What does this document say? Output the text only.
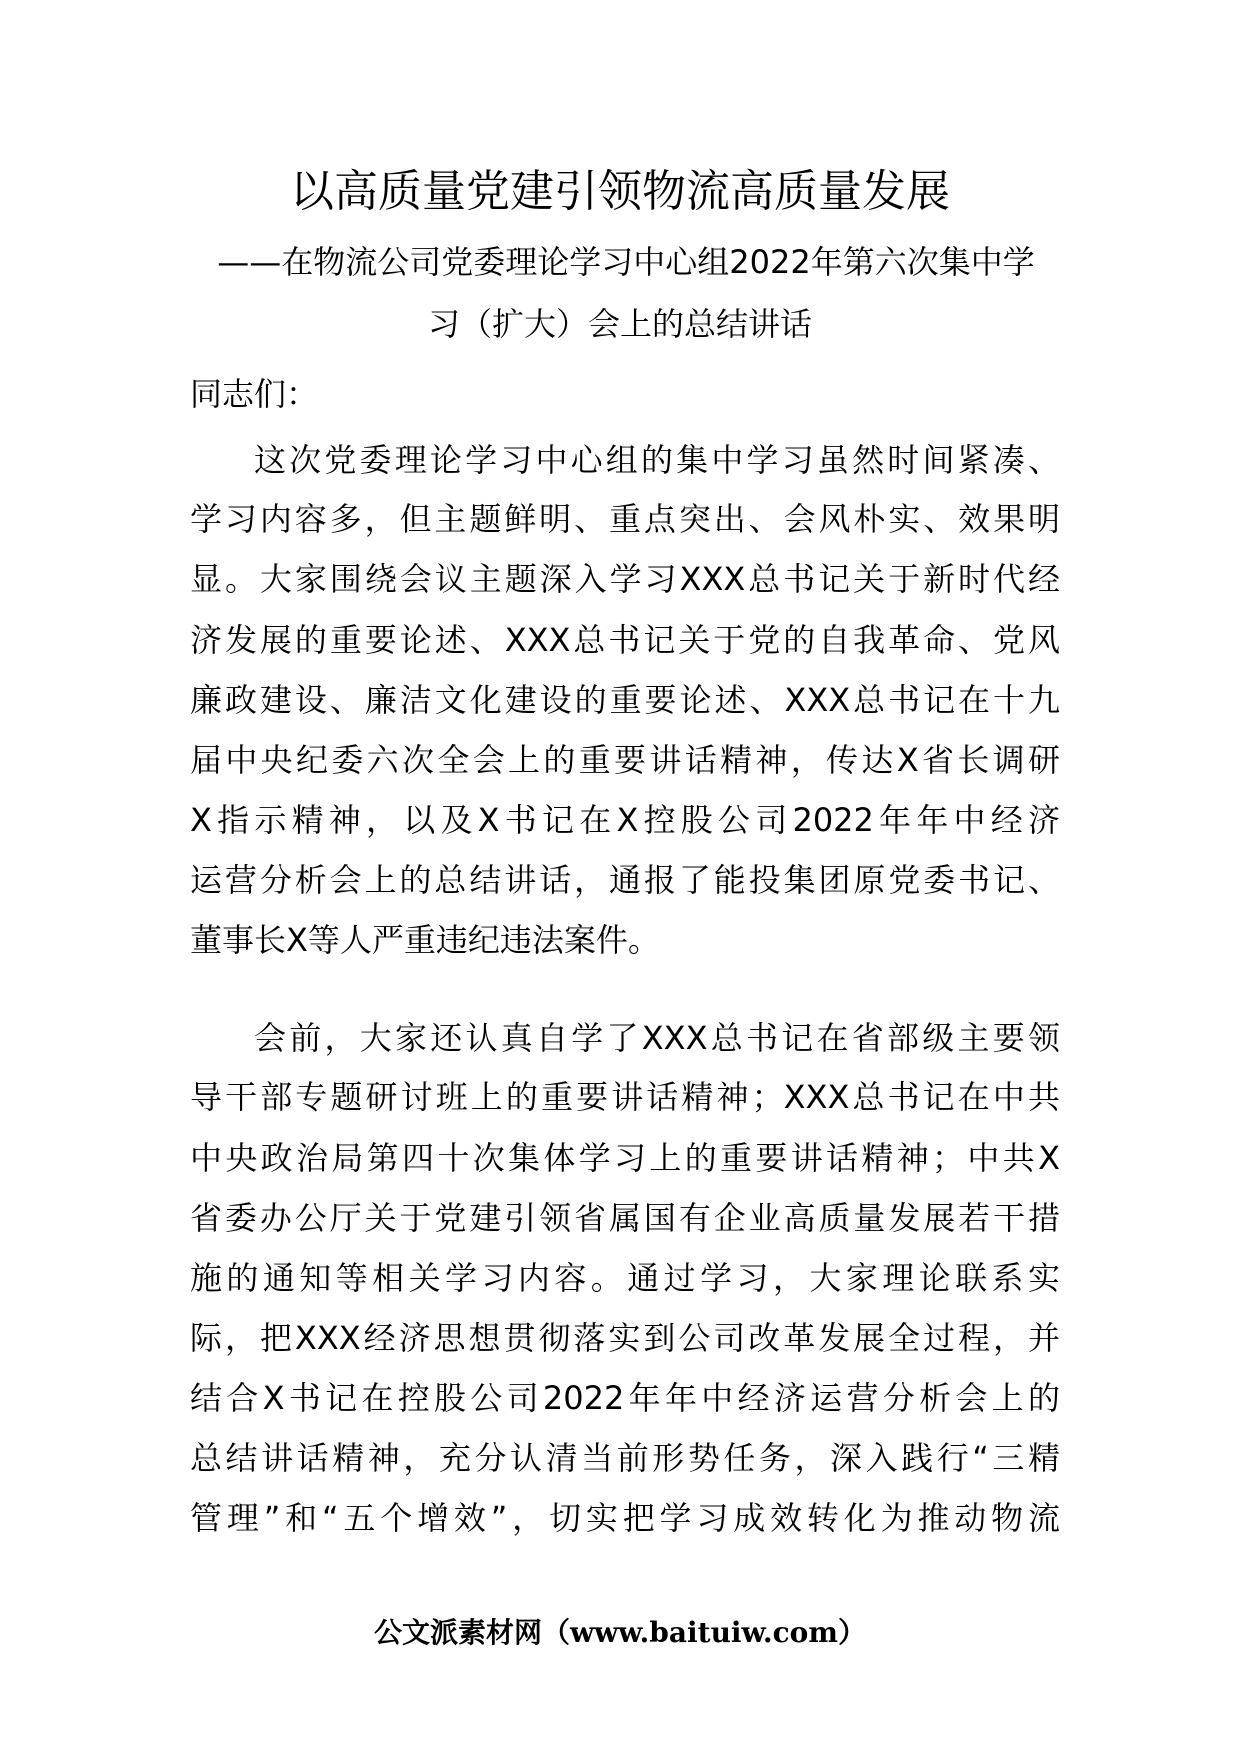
以高质量党建引领物流高质量发展
——在物流公司党委理论学习中心组2022年第六次集中学
习（扩大）会上的总结讲话
同志们：
这次党委理论学习中心组的集中学习虽然时间紧凑、
学习内容多，但主题鲜明、重点突出、会风朴实、效果明
显。大家围绕会议主题深入学习XXX总书记关于新时代经
济发展的重要论述、XXX总书记关于党的自我革命、党风
廉政建设、廉洁文化建设的重要论述、XXX总书记在十九
届中央纪委六次全会上的重要讲话精神，传达X省长调研
X指示精神，以及X书记在X控股公司2022年年中经济
运营分析会上的总结讲话，通报了能投集团原党委书记、
董事长X等人严重违纪违法案件。
会前，大家还认真自学了XXX总书记在省部级主要领
导干部专题研讨班上的重要讲话精神；XXX总书记在中共
中央政治局第四十次集体学习上的重要讲话精神；中共X
省委办公厅关于党建引领省属国有企业高质量发展若干措
施的通知等相关学习内容。通过学习，大家理论联系实
际，把XXX经济思想贯彻落实到公司改革发展全过程，并
结合X书记在控股公司2022年年中经济运营分析会上的
总结讲话精神，充分认清当前形势任务，深入践行“三精
管理”和“五个增效”，切实把学习成效转化为推动物流
公文派素材网（www.baituiw.com）
